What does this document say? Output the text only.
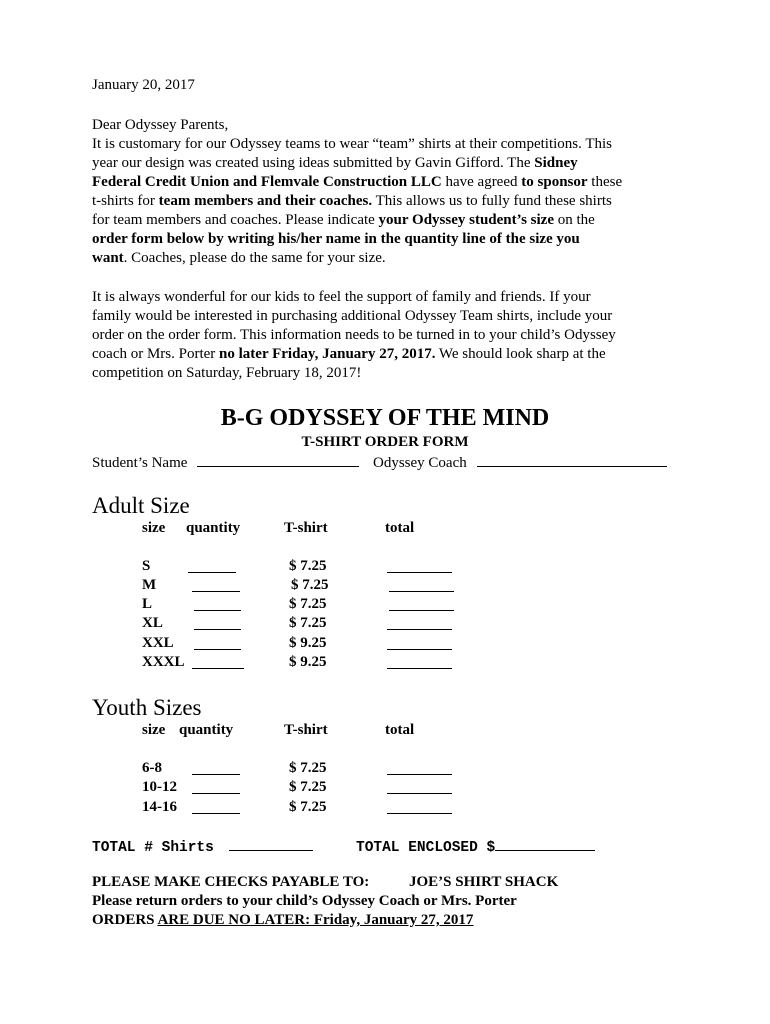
January 20, 2017
Dear Odyssey Parents,
It is customary for our Odyssey teams to wear “team” shirts at their competitions. This
year our design was created using ideas submitted by Gavin Gifford. The Sidney
Federal Credit Union and Flemvale Construction LLC have agreed to sponsor these
t-shirts for team members and their coaches. This allows us to fully fund these shirts
for team members and coaches. Please indicate your Odyssey student’s size on the
order form below by writing his/her name in the quantity line of the size you
want. Coaches, please do the same for your size.
It is always wonderful for our kids to feel the support of family and friends. If your
family would be interested in purchasing additional Odyssey Team shirts, include your
order on the order form. This information needs to be turned in to your child’s Odyssey
coach or Mrs. Porter no later Friday, January 27, 2017. We should look sharp at the
competition on Saturday, February 18, 2017!
B-G ODYSSEY OF THE MIND
T-SHIRT ORDER FORM
Student’s Name	Odyssey Coach
Adult Size
size quantity	T-shirt	total
S	$ 7.25
M	$ 7.25
L	$ 7.25
XL	$ 7.25
XXL	$ 9.25
XXXL	$ 9.25
Youth Sizes
size quantity	T-shirt	total
6-8	$ 7.25
10-12	$ 7.25
14-16	$ 7.25
TOTAL # Shirts	TOTAL ENCLOSED $
PLEASE MAKE CHECKS PAYABLE TO:	JOE’S SHIRT SHACK
Please return orders to your child’s Odyssey Coach or Mrs. Porter
ORDERS ARE DUE NO LATER: Friday, January 27, 2017
